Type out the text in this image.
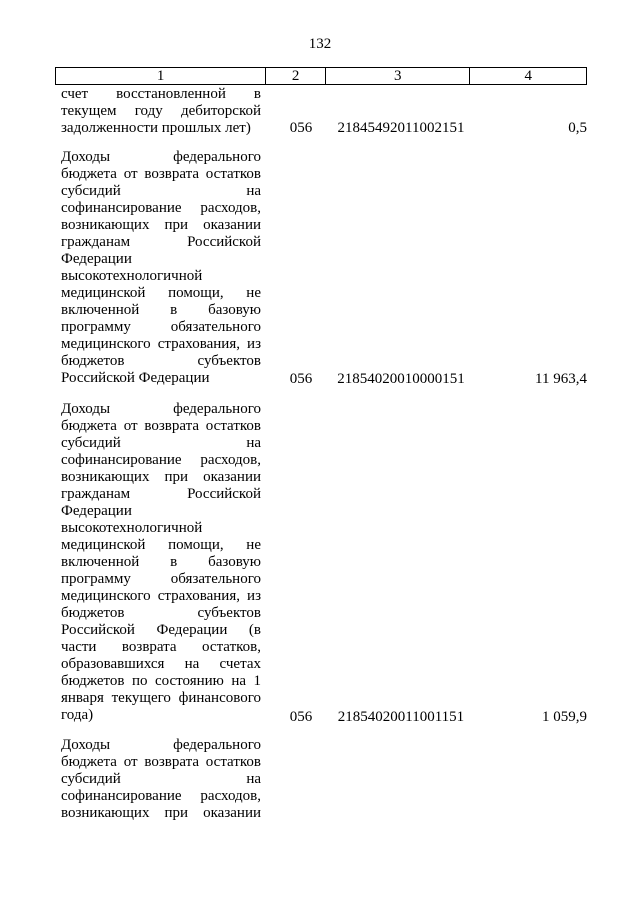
132
1	2	3	4
счет восстановленной в
текущем году дебиторской
задолженности прошлых лет)	056	21845492011002151	0,5
Доходы федерального
бюджета от возврата остатков
субсидий на
софинансирование расходов,
возникающих при оказании
гражданам Российской
Федерации
высокотехнологичной
медицинской помощи, не
включенной в базовую
программу обязательного
медицинского страхования, из
бюджетов субъектов
Российской Федерации	056	21854020010000151	11 963,4
Доходы федерального
бюджета от возврата остатков
субсидий на
софинансирование расходов,
возникающих при оказании
гражданам Российской
Федерации
высокотехнологичной
медицинской помощи, не
включенной в базовую
программу обязательного
медицинского страхования, из
бюджетов субъектов
Российской Федерации (в
части возврата остатков,
образовавшихся на счетах
бюджетов по состоянию на 1
января текущего финансового
года)	056	21854020011001151	1 059,9
Доходы федерального
бюджета от возврата остатков
субсидий на
софинансирование расходов,
возникающих при оказании
